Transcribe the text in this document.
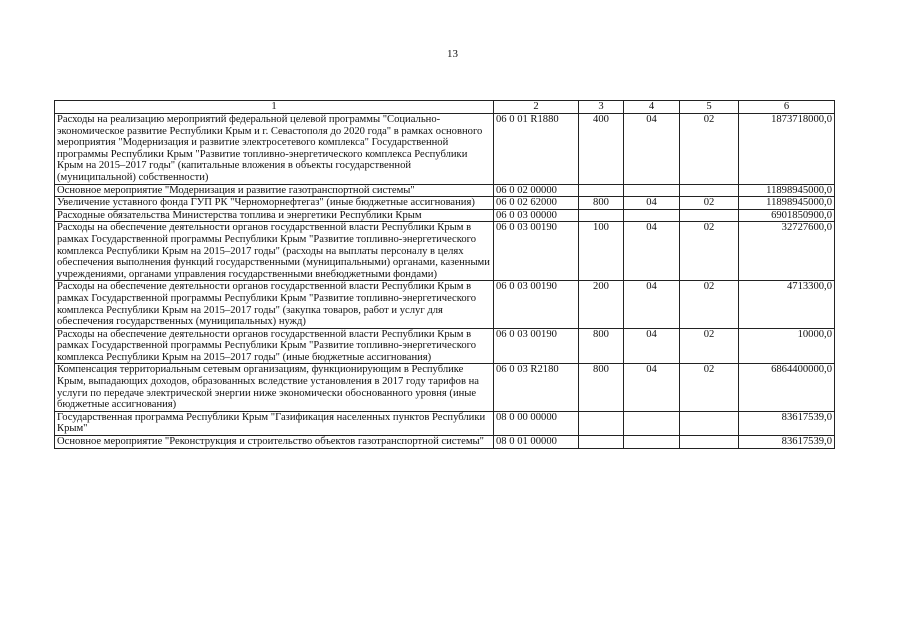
13
1	2	3	4	5	6
Расходы на реализацию мероприятий федеральной целевой программы "Социально-экономическое развитие Республики Крым и г. Севастополя до 2020 года" в рамках основного мероприятия "Модернизация и развитие электросетевого комплекса" Государственной программы Республики Крым "Развитие топливно-энергетического комплекса Республики Крым на 2015–2017 годы" (капитальные вложения в объекты государственной (муниципальной) собственности)	06 0 01 R1880	400	04	02	1873718000,0
Основное мероприятие "Модернизация и развитие газотранспортной системы"	06 0 02 00000				11898945000,0
Увеличение уставного фонда ГУП РК "Черноморнефтегаз" (иные бюджетные ассигнования)	06 0 02 62000	800	04	02	11898945000,0
Расходные обязательства Министерства топлива и энергетики Республики Крым	06 0 03 00000				6901850900,0
Расходы на обеспечение деятельности органов государственной власти Республики Крым в рамках Государственной программы Республики Крым "Развитие топливно-энергетического комплекса Республики Крым на 2015–2017 годы" (расходы на выплаты персоналу в целях обеспечения выполнения функций государственными (муниципальными) органами, казенными учреждениями, органами управления государственными внебюджетными фондами)	06 0 03 00190	100	04	02	32727600,0
Расходы на обеспечение деятельности органов государственной власти Республики Крым в рамках Государственной программы Республики Крым "Развитие топливно-энергетического комплекса Республики Крым на 2015–2017 годы" (закупка товаров, работ и услуг для обеспечения государственных (муниципальных) нужд)	06 0 03 00190	200	04	02	4713300,0
Расходы на обеспечение деятельности органов государственной власти Республики Крым в рамках Государственной программы Республики Крым "Развитие топливно-энергетического комплекса Республики Крым на 2015–2017 годы" (иные бюджетные ассигнования)	06 0 03 00190	800	04	02	10000,0
Компенсация территориальным сетевым организациям, функционирующим в Республике Крым, выпадающих доходов, образованных вследствие установления в 2017 году тарифов на услуги по передаче электрической энергии ниже экономически обоснованного уровня (иные бюджетные ассигнования)	06 0 03 R2180	800	04	02	6864400000,0
Государственная программа Республики Крым "Газификация населенных пунктов Республики Крым"	08 0 00 00000				83617539,0
Основное мероприятие "Реконструкция и строительство объектов газотранспортной системы"	08 0 01 00000				83617539,0
